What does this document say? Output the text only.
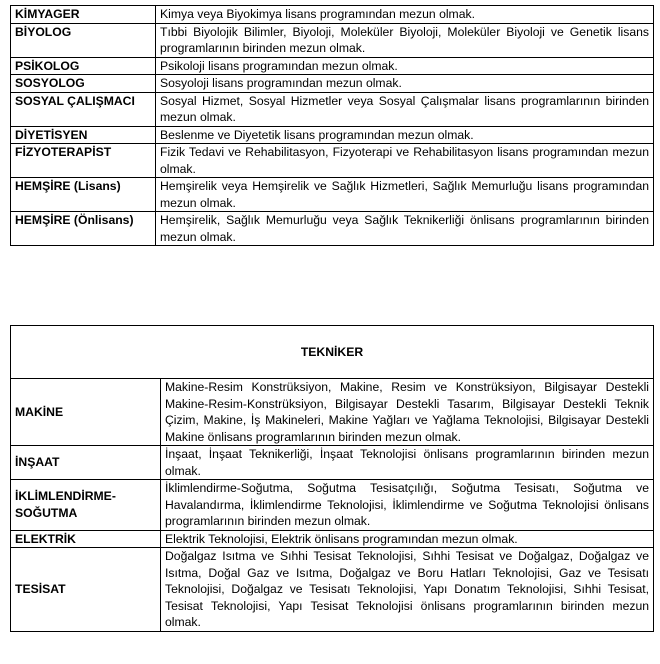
KİMYAGER	Kimya veya Biyokimya lisans programından mezun olmak.
BİYOLOG	Tıbbi Biyolojik Bilimler, Biyoloji, Moleküler Biyoloji, Moleküler Biyoloji ve Genetik lisans programlarının birinden mezun olmak.
PSİKOLOG	Psikoloji lisans programından mezun olmak.
SOSYOLOG	Sosyoloji lisans programından mezun olmak.
SOSYAL ÇALIŞMACI	Sosyal Hizmet, Sosyal Hizmetler veya Sosyal Çalışmalar lisans programlarının birinden mezun olmak.
DİYETİSYEN	Beslenme ve Diyetetik lisans programından mezun olmak.
FİZYOTERAPİST	Fizik Tedavi ve Rehabilitasyon, Fizyoterapi ve Rehabilitasyon lisans programından mezun olmak.
HEMŞİRE (Lisans)	Hemşirelik veya Hemşirelik ve Sağlık Hizmetleri, Sağlık Memurluğu lisans programından mezun olmak.
HEMŞİRE (Önlisans)	Hemşirelik, Sağlık Memurluğu veya Sağlık Teknikerliği önlisans programlarının birinden mezun olmak.
TEKNİKER	
MAKİNE	Makine-Resim Konstrüksiyon, Makine, Resim ve Konstrüksiyon, Bilgisayar Destekli Makine-Resim-Konstrüksiyon, Bilgisayar Destekli Tasarım, Bilgisayar Destekli Teknik Çizim, Makine, İş Makineleri, Makine Yağları ve Yağlama Teknolojisi, Bilgisayar Destekli Makine önlisans programlarının birinden mezun olmak.
İNŞAAT	İnşaat, İnşaat Teknikerliği, İnşaat Teknolojisi önlisans programlarının birinden mezun olmak.
İKLİMLENDİRME-SOĞUTMA	İklimlendirme-Soğutma, Soğutma Tesisatçılığı, Soğutma Tesisatı, Soğutma ve Havalandırma, İklimlendirme Teknolojisi, İklimlendirme ve Soğutma Teknolojisi önlisans programlarının birinden mezun olmak.
ELEKTRİK	Elektrik Teknolojisi, Elektrik önlisans programından mezun olmak.
TESİSAT	Doğalgaz Isıtma ve Sıhhi Tesisat Teknolojisi, Sıhhi Tesisat ve Doğalgaz, Doğalgaz ve Isıtma, Doğal Gaz ve Isıtma, Doğalgaz ve Boru Hatları Teknolojisi, Gaz ve Tesisatı Teknolojisi, Doğalgaz ve Tesisatı Teknolojisi, Yapı Donatım Teknolojisi, Sıhhi Tesisat, Tesisat Teknolojisi, Yapı Tesisat Teknolojisi önlisans programlarının birinden mezun olmak.
